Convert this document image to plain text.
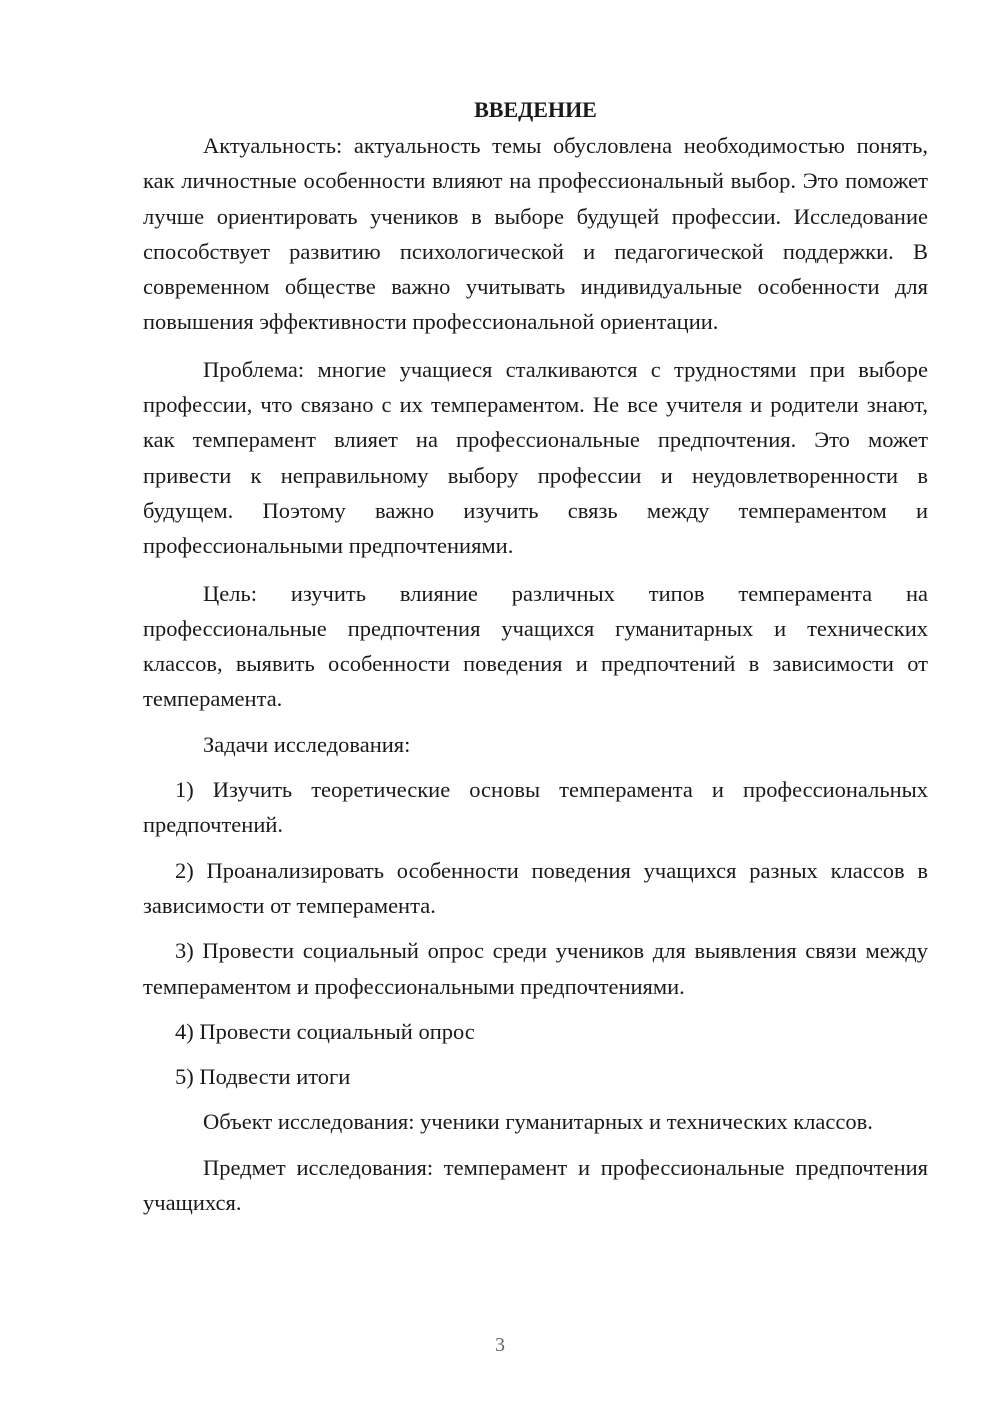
ВВЕДЕНИЕ

Актуальность: актуальность темы обусловлена необходимостью понять, как личностные особенности влияют на профессиональный выбор. Это поможет лучше ориентировать учеников в выборе будущей профессии. Исследование способствует развитию психологической и педагогической поддержки. В современном обществе важно учитывать индивидуальные особенности для повышения эффективности профессиональной ориентации.

Проблема: многие учащиеся сталкиваются с трудностями при выборе профессии, что связано с их темпераментом. Не все учителя и родители знают, как темперамент влияет на профессиональные предпочтения. Это может привести к неправильному выбору профессии и неудовлетворенности в будущем. Поэтому важно изучить связь между темпераментом и профессиональными предпочтениями.

Цель: изучить влияние различных типов темперамента на профессиональные предпочтения учащихся гуманитарных и технических классов, выявить особенности поведения и предпочтений в зависимости от темперамента.

Задачи исследования:

1) Изучить теоретические основы темперамента и профессиональных предпочтений.

2) Проанализировать особенности поведения учащихся разных классов в зависимости от темперамента.

3) Провести социальный опрос среди учеников для выявления связи между темпераментом и профессиональными предпочтениями.

4) Провести социальный опрос

5) Подвести итоги

Объект исследования: ученики гуманитарных и технических классов.

Предмет исследования: темперамент и профессиональные предпочтения учащихся.

3
